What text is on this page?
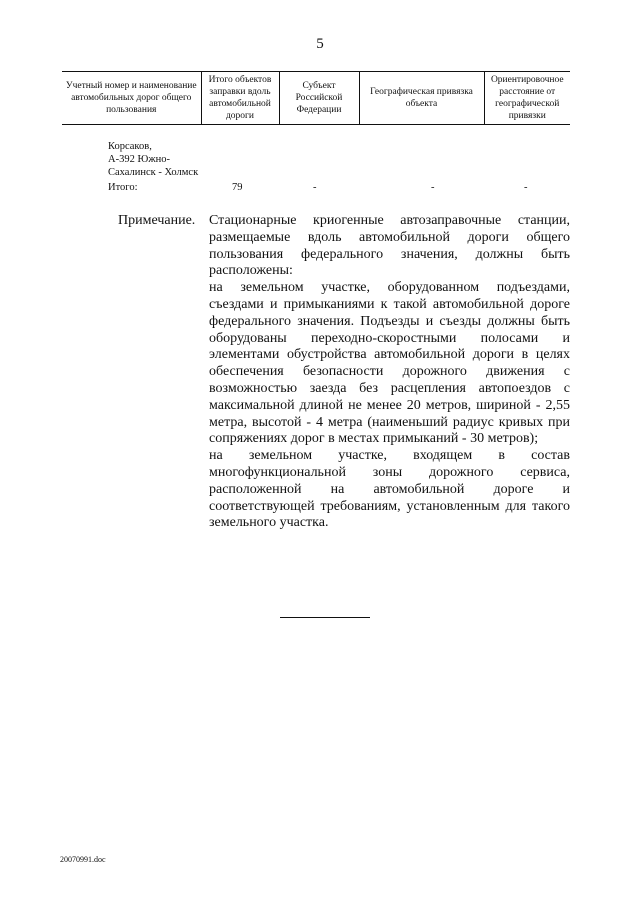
5

Учетный номер и наименование автомобильных дорог общего пользования	Итого объектов заправки вдоль автомобильной дороги	Субъект Российской Федерации	Географическая привязка объекта	Ориентировочное расстояние от географической привязки
Корсаков,
А-392 Южно-
Сахалинск - Холмск
Итого:	79	-	-	-
Примечание. Стационарные криогенные автозаправочные станции, размещаемые вдоль автомобильной дороги общего пользования федерального значения, должны быть расположены:

на земельном участке, оборудованном подъездами, съездами и примыканиями к такой автомобильной дороге федерального значения. Подъезды и съезды должны быть оборудованы переходно-скоростными полосами и элементами обустройства автомобильной дороги в целях обеспечения безопасности дорожного движения с возможностью заезда без расцепления автопоездов с максимальной длиной не менее 20 метров, шириной - 2,55 метра, высотой - 4 метра (наименьший радиус кривых при сопряжениях дорог в местах примыканий - 30 метров);

на земельном участке, входящем в состав многофункциональной зоны дорожного сервиса, расположенной на автомобильной дороге и соответствующей требованиям, установленным для такого земельного участка.

20070991.doc
